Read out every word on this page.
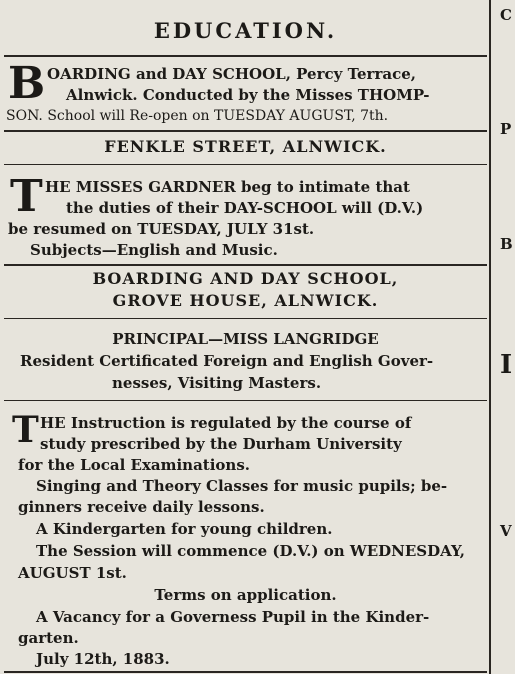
EDUCATION.
B OARDING and DAY SCHOOL, Percy Terrace,
Alnwick. Conducted by the Misses THOMP-
SON. School will Re-open on TUESDAY AUGUST, 7th.
FENKLE STREET, ALNWICK.
T HE MISSES GARDNER beg to intimate that
the duties of their DAY-SCHOOL will (D.V.)
be resumed on TUESDAY, JULY 31st.
Subjects—English and Music.
BOARDING AND DAY SCHOOL,
GROVE HOUSE, ALNWICK.
PRINCIPAL—MISS LANGRIDGE
Resident Certificated Foreign and English Gover-
nesses, Visiting Masters.
T HE Instruction is regulated by the course of
study prescribed by the Durham University
for the Local Examinations.
Singing and Theory Classes for music pupils; be-
ginners receive daily lessons.
A Kindergarten for young children.
The Session will commence (D.V.) on WEDNESDAY,
AUGUST 1st.
Terms on application.
A Vacancy for a Governess Pupil in the Kinder-
garten.
July 12th, 1883.
C
P
B
I
V
